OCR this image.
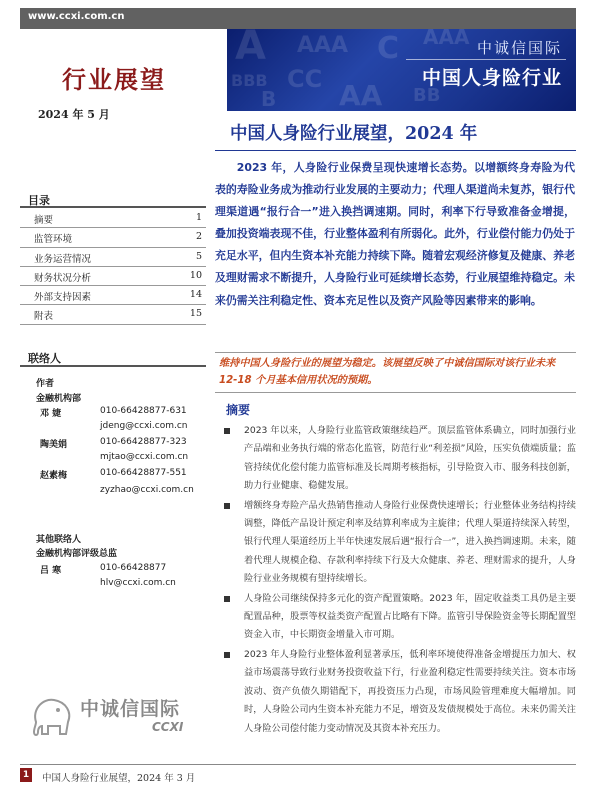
www.ccxi.com.cn
A AAA
BBB CC AA
C
B
AAA
BB
中诚信国际
中国人身险行业
行业展望
2024 年 5 月
目录
摘要	1
监管环境	2
业务运营情况	5
财务状况分析	10
外部支持因素	14
附表	15
联络人
作者
金融机构部
邓 婕	010-66428877-631
jdeng@ccxi.com.cn
陶美娟	010-66428877-323
mjtao@ccxi.com.cn
赵素梅	010-66428877-551
zyzhao@ccxi.com.cn
其他联络人
金融机构部评级总监
吕 寒	010-66428877
hlv@ccxi.com.cn
中诚信国际
CCXI
中国人身险行业展望，2024 年
2023 年，人身险行业保费呈现快速增长态势。以增额终身寿险为代表的寿险业务成为推动行业发展的主要动力；代理人渠道尚未复苏，银行代理渠道遇“报行合一”进入换挡调速期。同时，利率下行导致准备金增提，叠加投资端表现不佳，行业整体盈利有所弱化。此外，行业偿付能力仍处于充足水平，但内生资本补充能力持续下降。随着宏观经济修复及健康、养老及理财需求不断提升，人身险行业可延续增长态势，行业展望维持稳定。未来仍需关注利稳定性、资本充足性以及资产风险等因素带来的影响。
维持中国人身险行业的展望为稳定。该展望反映了中诚信国际对该行业未来 12-18 个月基本信用状况的预期。
摘要
2023 年以来，人身险行业监管政策继续趋严。顶层监管体系确立，同时加强行业产品端和业务执行端的常态化监管，防范行业“利差损”风险，压实负债端质量；监管持续优化偿付能力监管标准及长周期考核指标，引导险资入市、服务科技创新，助力行业健康、稳健发展。
增额终身寿险产品火热销售推动人身险行业保费快速增长；行业整体业务结构持续调整，降低产品设计预定利率及结算利率成为主旋律；代理人渠道持续深入转型，银行代理人渠道经历上半年快速发展后遇“报行合一”，进入换挡调速期。未来，随着代理人规模企稳、存款利率持续下行及大众健康、养老、理财需求的提升，人身险行业业务规模有望持续增长。
人身险公司继续保持多元化的资产配置策略。2023 年，固定收益类工具仍是主要配置品种，股票等权益类资产配置占比略有下降。监管引导保险资金等长期配置型资金入市，中长期资金增量入市可期。
2023 年人身险行业整体盈利显著承压，低利率环境使得准备金增提压力加大、权益市场震荡导致行业财务投资收益下行，行业盈利稳定性需要持续关注。资本市场波动、资产负债久期错配下，再投资压力凸现，市场风险管理难度大幅增加。同时，人身险公司内生资本补充能力不足，增资及发债规模处于高位。未来仍需关注人身险公司偿付能力变动情况及其资本补充压力。
1	中国人身险行业展望，2024 年 3 月
